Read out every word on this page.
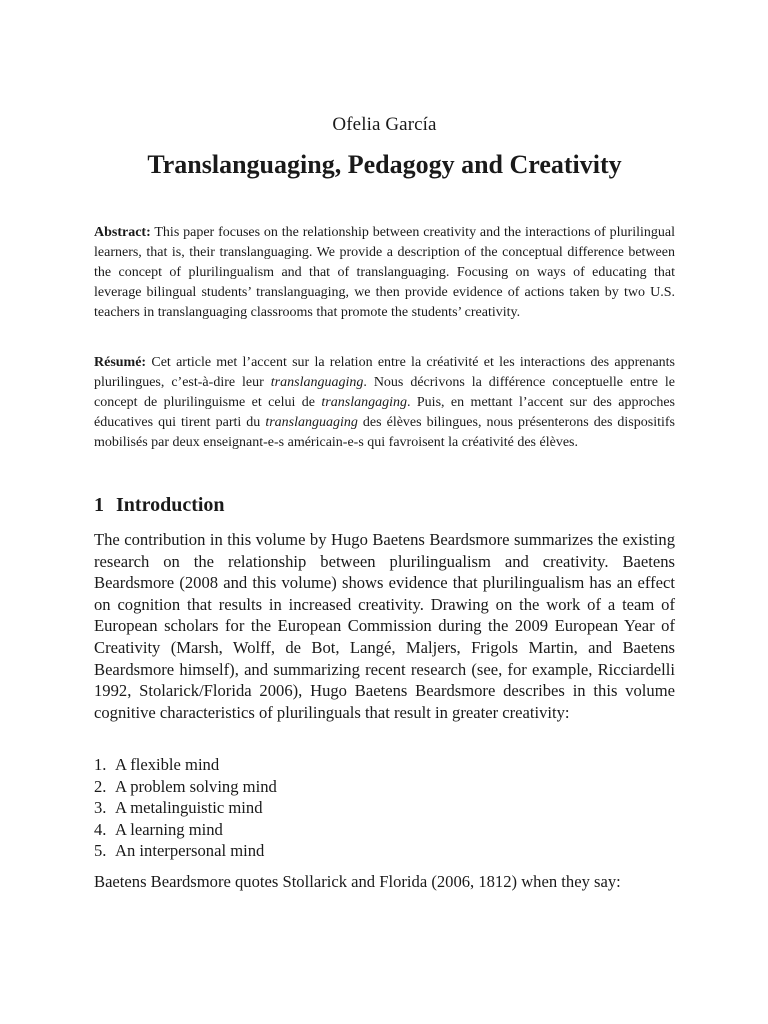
Ofelia García
Translanguaging, Pedagogy and Creativity

Abstract: This paper focuses on the relationship between creativity and the interactions of plurilingual learners, that is, their translanguaging. We provide a description of the conceptual difference between the concept of plurilingualism and that of translanguaging. Focusing on ways of educating that leverage bilingual students’ translanguaging, we then provide evidence of actions taken by two U.S. teachers in translanguaging classrooms that promote the students’ creativity.

Résumé: Cet article met l’accent sur la relation entre la créativité et les interactions des apprenants plurilingues, c’est-à-dire leur translanguaging. Nous décrivons la différence conceptuelle entre le concept de plurilinguisme et celui de translangaging. Puis, en mettant l’accent sur des approches éducatives qui tirent parti du translanguaging des élèves bilingues, nous présenterons des dispositifs mobilisés par deux enseignant-e-s américain-e-s qui favroisent la créativité des élèves.

1 Introduction

The contribution in this volume by Hugo Baetens Beardsmore summarizes the existing research on the relationship between plurilingualism and creativity. Baetens Beardsmore (2008 and this volume) shows evidence that plurilingualism has an effect on cognition that results in increased creativity. Drawing on the work of a team of European scholars for the European Commission during the 2009 European Year of Creativity (Marsh, Wolff, de Bot, Langé, Maljers, Frigols Martin, and Baetens Beardsmore himself), and summarizing recent research (see, for example, Ricciardelli 1992, Stolarick/Florida 2006), Hugo Baetens Beardsmore describes in this volume cognitive characteristics of plurilinguals that result in greater creativity:

1. A flexible mind
2. A problem solving mind
3. A metalinguistic mind
4. A learning mind
5. An interpersonal mind

Baetens Beardsmore quotes Stollarick and Florida (2006, 1812) when they say:
